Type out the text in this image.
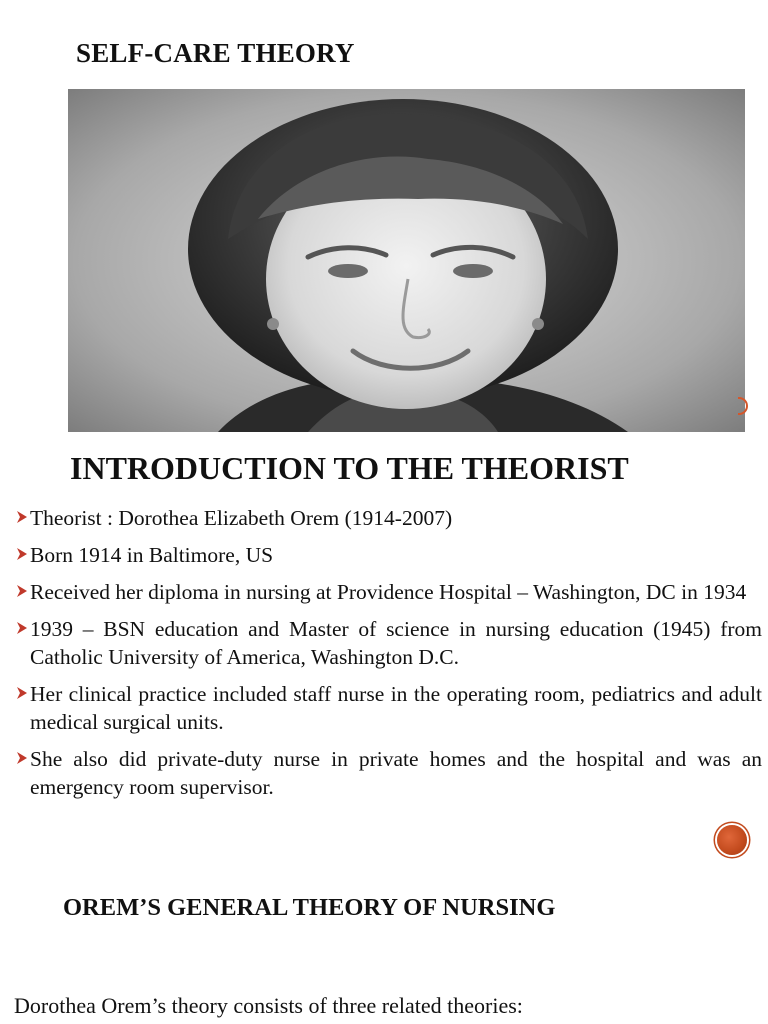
SELF-CARE THEORY
INTRODUCTION TO THE THEORIST
Theorist : Dorothea Elizabeth Orem (1914-2007)
Born 1914 in Baltimore, US
Received her diploma in nursing at Providence Hospital – Washington, DC in 1934
1939 – BSN education and Master of science in nursing education (1945) from Catholic University of America, Washington D.C.
Her clinical practice included staff nurse in the operating room, pediatrics and adult medical surgical units.
She also did private-duty nurse in private homes and the hospital and was an emergency room supervisor.
OREM’S GENERAL THEORY OF NURSING

Dorothea Orem’s theory consists of three related theories:
